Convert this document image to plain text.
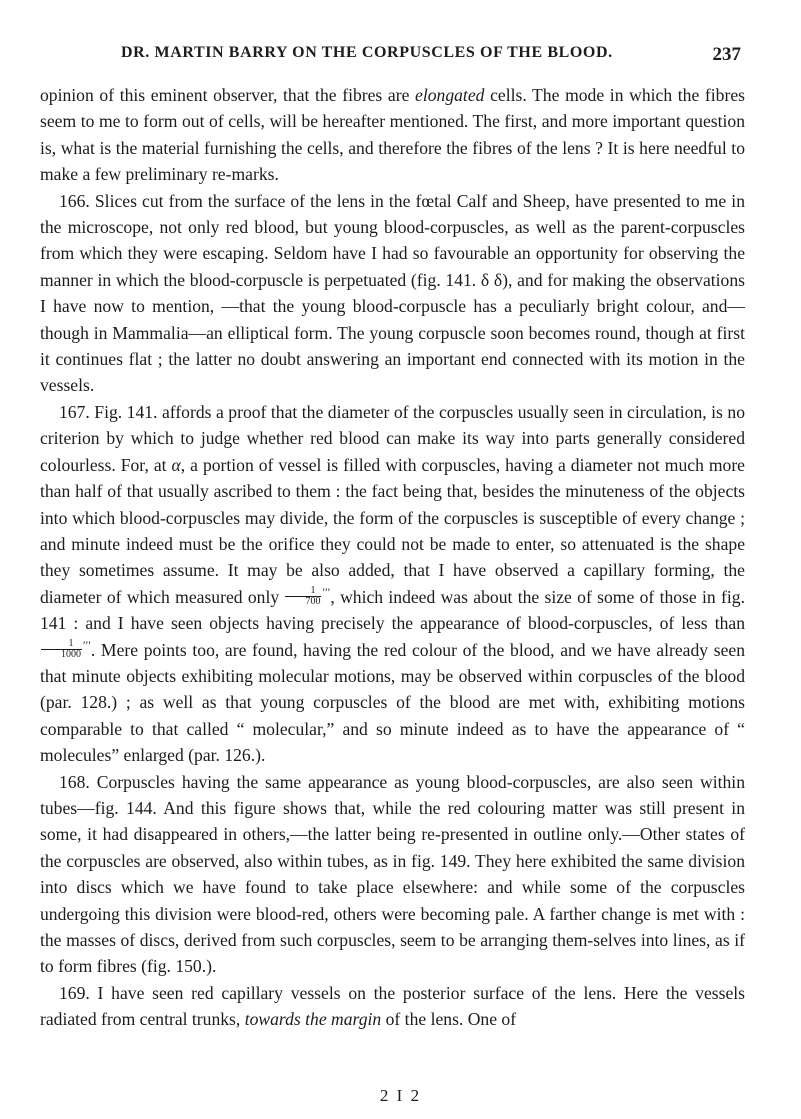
DR. MARTIN BARRY ON THE CORPUSCLES OF THE BLOOD.	237

opinion of this eminent observer, that the fibres are elongated cells. The mode in which the fibres seem to me to form out of cells, will be hereafter mentioned. The first, and more important question is, what is the material furnishing the cells, and therefore the fibres of the lens ? It is here needful to make a few preliminary re-marks.

166. Slices cut from the surface of the lens in the fœtal Calf and Sheep, have presented to me in the microscope, not only red blood, but young blood-corpuscles, as well as the parent-corpuscles from which they were escaping. Seldom have I had so favourable an opportunity for observing the manner in which the blood-corpuscle is perpetuated (fig. 141. δ δ), and for making the observations I have now to mention, —that the young blood-corpuscle has a peculiarly bright colour, and—though in Mammalia—an elliptical form. The young corpuscle soon becomes round, though at first it continues flat ; the latter no doubt answering an important end connected with its motion in the vessels.

167. Fig. 141. affords a proof that the diameter of the corpuscles usually seen in circulation, is no criterion by which to judge whether red blood can make its way into parts generally considered colourless. For, at α, a portion of vessel is filled with corpuscles, having a diameter not much more than half of that usually ascribed to them : the fact being that, besides the minuteness of the objects into which blood-corpuscles may divide, the form of the corpuscles is susceptible of every change ; and minute indeed must be the orifice they could not be made to enter, so attenuated is the shape they sometimes assume. It may be also added, that I have observed a capillary forming, the diameter of which measured only $\frac{1}{700} '''$, which indeed was about the size of some of those in fig. 141 : and I have seen objects having precisely the appearance of blood-corpuscles, of less than
$\frac{1}{1000} '''$. Mere points too, are found, having the red colour of the blood, and we have already seen that minute objects exhibiting molecular motions, may be observed within corpuscles of the blood (par. 128.) ; as well as that young corpuscles of the blood are met with, exhibiting motions comparable to that called “ molecular,” and so minute indeed as to have the appearance of “ molecules” enlarged (par. 126.).

168. Corpuscles having the same appearance as young blood-corpuscles, are also seen within tubes—fig. 144. And this figure shows that, while the red colouring matter was still present in some, it had disappeared in others,—the latter being re-presented in outline only.—Other states of the corpuscles are observed, also within tubes, as in fig. 149. They here exhibited the same division into discs which we have found to take place elsewhere: and while some of the corpuscles undergoing this division were blood-red, others were becoming pale. A farther change is met with : the masses of discs, derived from such corpuscles, seem to be arranging them-selves into lines, as if to form fibres (fig. 150.).

169. I have seen red capillary vessels on the posterior surface of the lens. Here the vessels radiated from central trunks, towards the margin of the lens. One of

2 I 2
